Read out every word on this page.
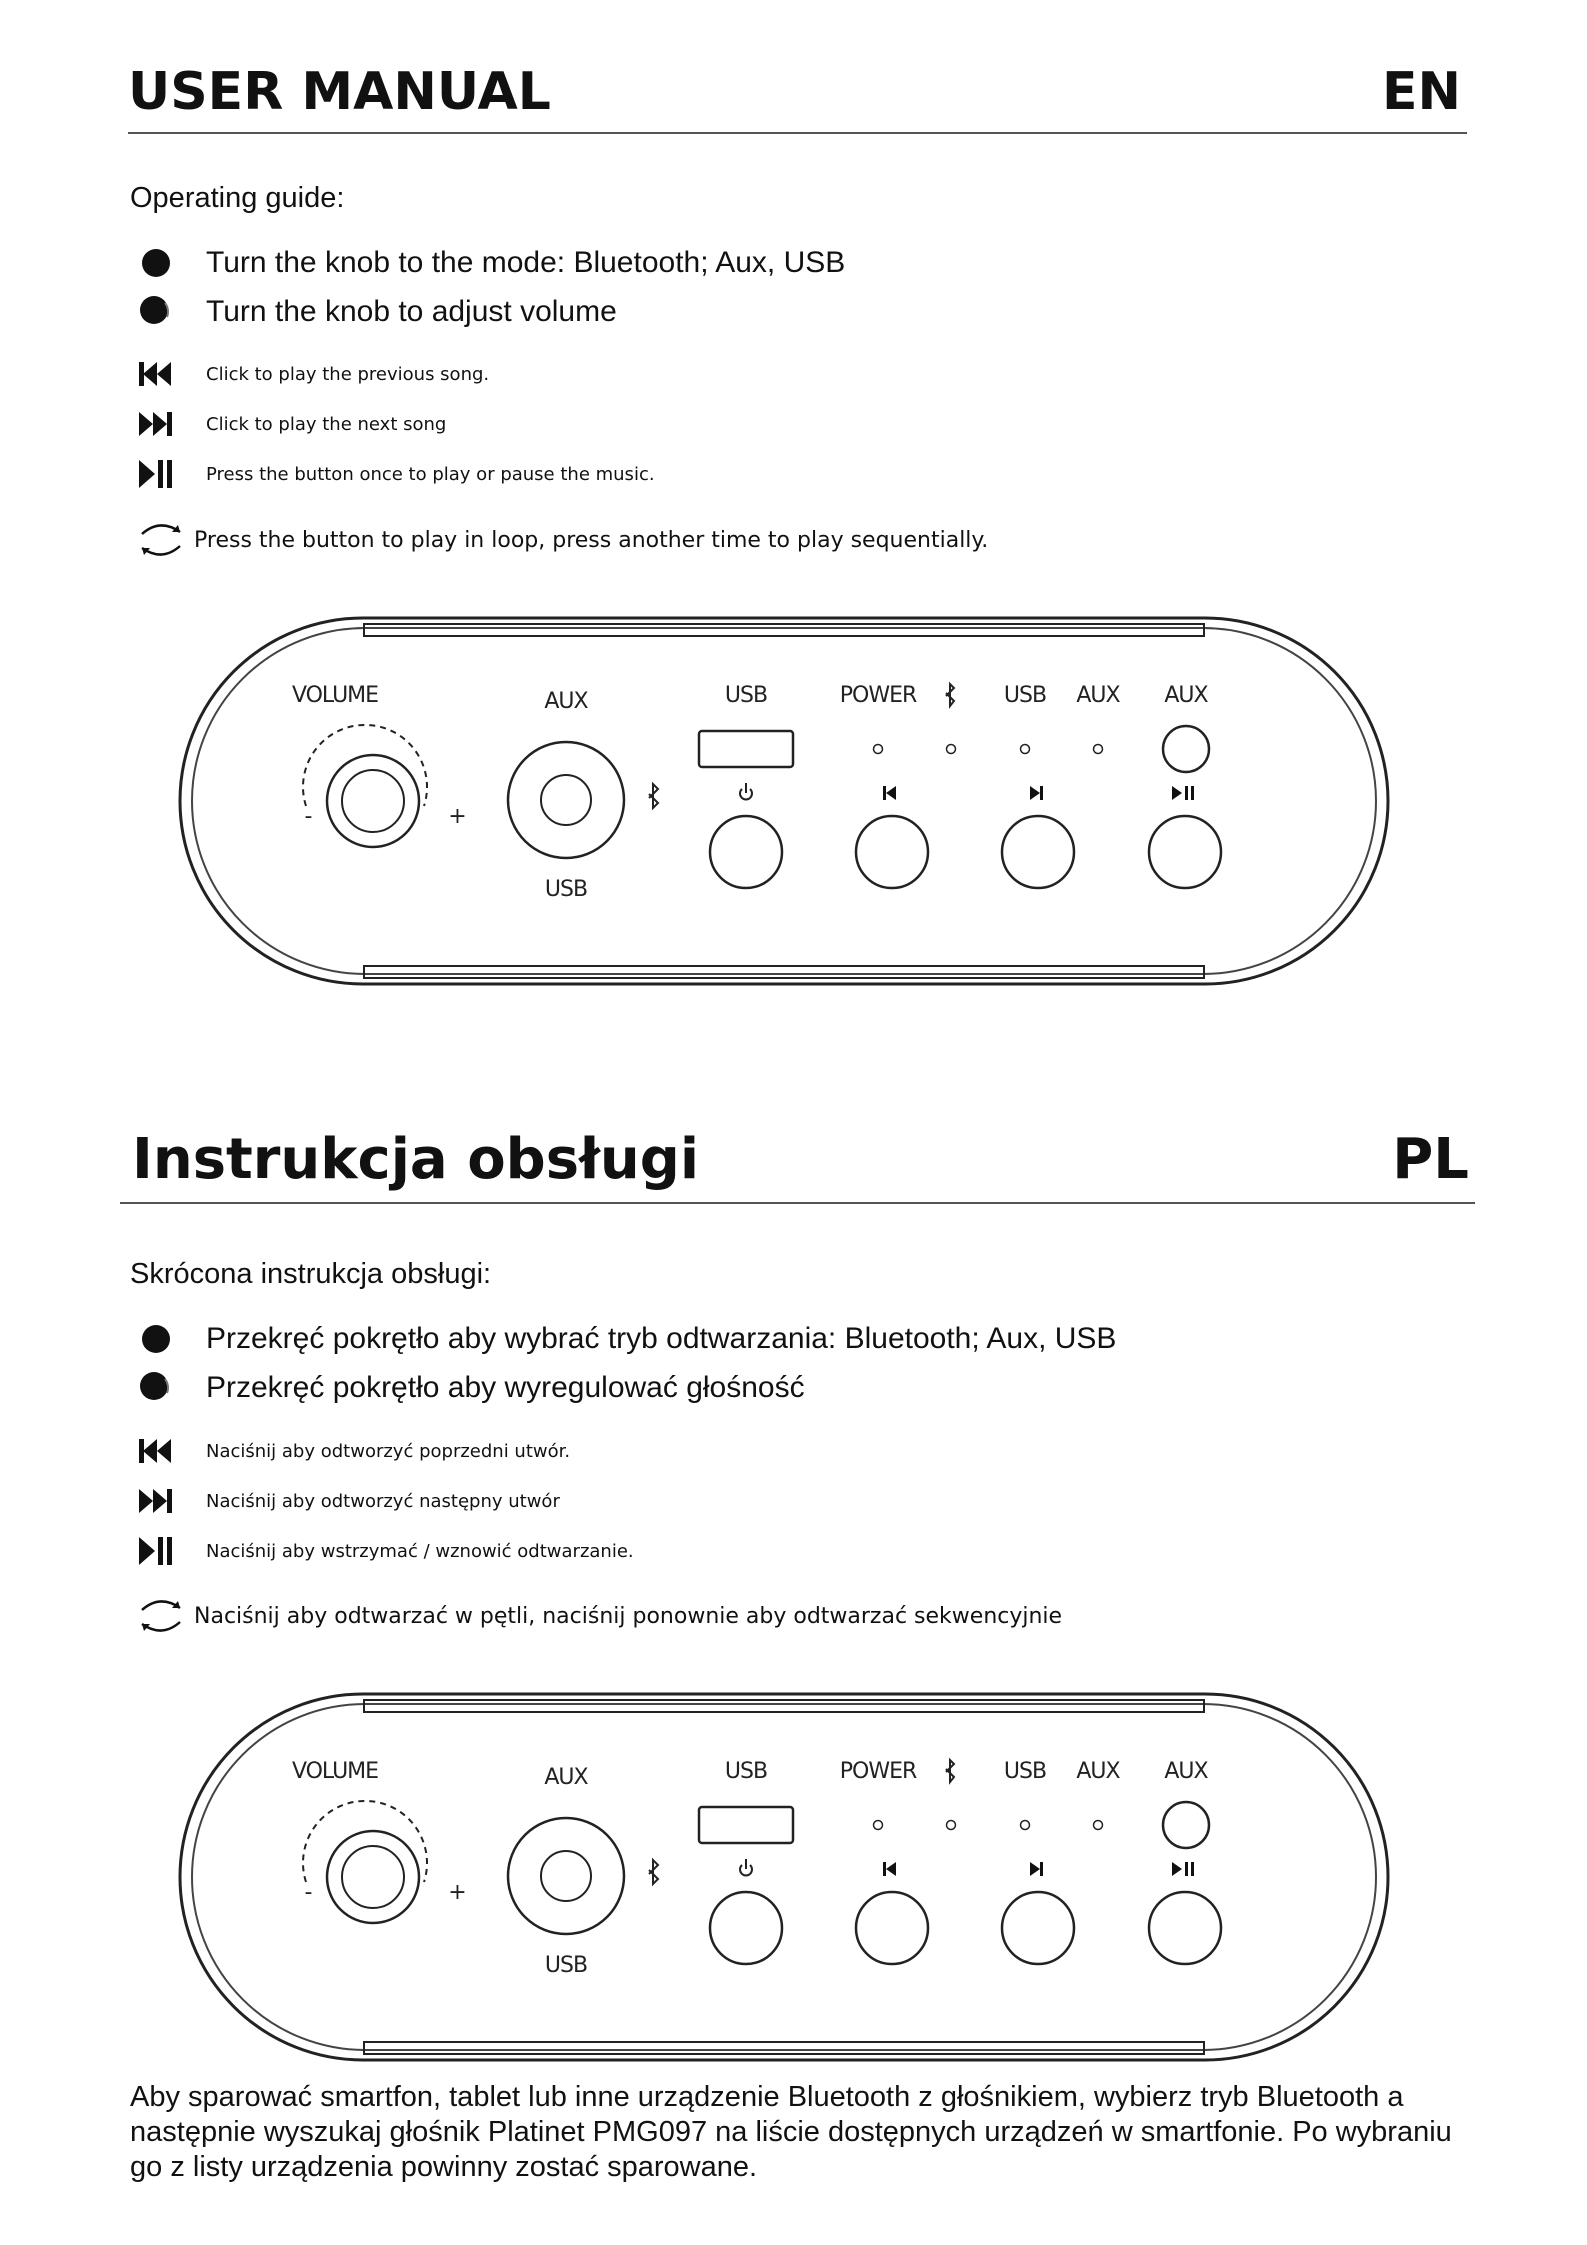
USER MANUAL	EN
Operating guide:
Turn the knob to the mode: Bluetooth; Aux, USB
Turn the knob to adjust volume
Click to play the previous song.
Click to play the next song
Press the button once to play or pause the music.
Press the button to play in loop, press another time to play sequentially.
VOLUME
-	+
AUX
USB
USB	POWER	USB AUX AUX
Instrukcja obsługi	PL
Skrócona instrukcja obsługi:
Przekręć pokrętło aby wybrać tryb odtwarzania: Bluetooth; Aux, USB
Przekręć pokrętło aby wyregulować głośność
Naciśnij aby odtworzyć poprzedni utwór.
Naciśnij aby odtworzyć następny utwór
Naciśnij aby wstrzymać / wznowić odtwarzanie.
Naciśnij aby odtwarzać w pętli, naciśnij ponownie aby odtwarzać sekwencyjnie
VOLUME
-	+
AUX
USB
USB	POWER	USB AUX AUX
Aby sparować smartfon, tablet lub inne urządzenie Bluetooth z głośnikiem, wybierz tryb Bluetooth a następnie wyszukaj głośnik Platinet PMG097 na liście dostępnych urządzeń w smartfonie. Po wybraniu go z listy urządzenia powinny zostać sparowane.
